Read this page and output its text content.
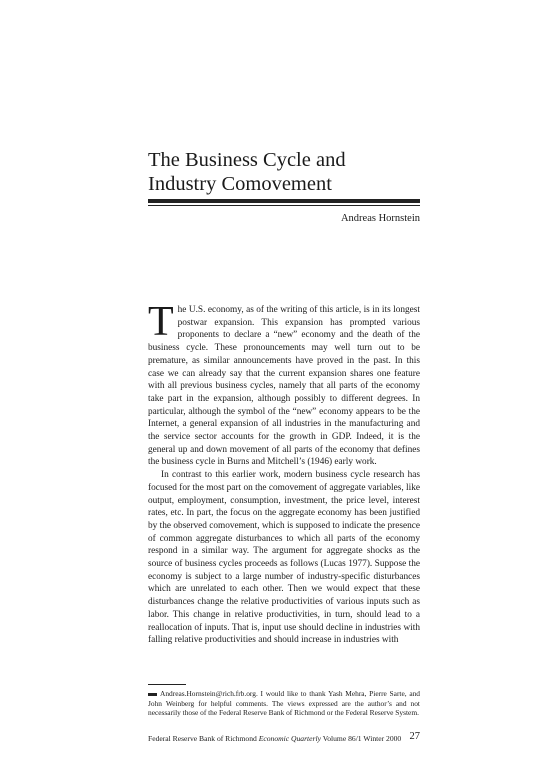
The Business Cycle and
Industry Comovement
Andreas Hornstein

The U.S. economy, as of the writing of this article, is in its longest postwar expansion. This expansion has prompted various proponents to declare a “new” economy and the death of the business cycle. These pronouncements may well turn out to be premature, as similar announcements have proved in the past. In this case we can already say that the current expansion shares one feature with all previous business cycles, namely that all parts of the economy take part in the expansion, although possibly to different degrees. In particular, although the symbol of the “new” economy appears to be the Internet, a general expansion of all industries in the manufacturing and the service sector accounts for the growth in GDP. Indeed, it is the general up and down movement of all parts of the economy that defines the business cycle in Burns and Mitchell’s (1946) early work.

In contrast to this earlier work, modern business cycle research has focused for the most part on the comovement of aggregate variables, like output, employment, consumption, investment, the price level, interest rates, etc. In part, the focus on the aggregate economy has been justified by the observed comovement, which is supposed to indicate the presence of common aggregate disturbances to which all parts of the economy respond in a similar way. The argument for aggregate shocks as the source of business cycles proceeds as follows (Lucas 1977). Suppose the economy is subject to a large number of industry-specific disturbances which are unrelated to each other. Then we would expect that these disturbances change the relative productivities of various inputs such as labor. This change in relative productivities, in turn, should lead to a reallocation of inputs. That is, input use should decline in industries with falling relative productivities and should increase in industries with

Andreas.Hornstein@rich.frb.org. I would like to thank Yash Mehra, Pierre Sarte, and John Weinberg for helpful comments. The views expressed are the author’s and not necessarily those of the Federal Reserve Bank of Richmond or the Federal Reserve System.
Federal Reserve Bank of Richmond Economic Quarterly Volume 86/1 Winter 2000 27
